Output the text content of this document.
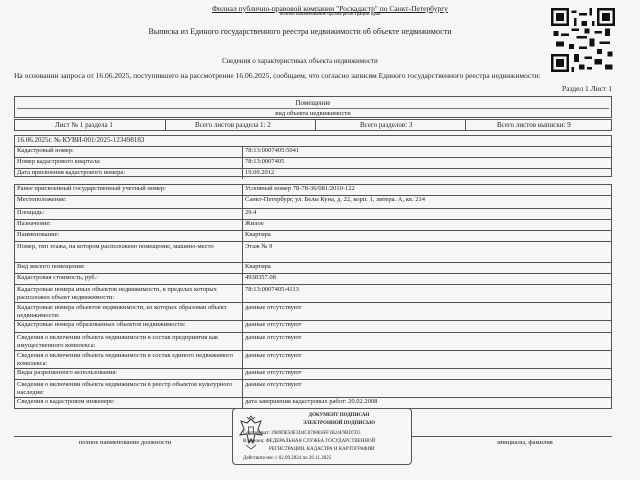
Филиал публично-правовой компании "Роскадастр" по Санкт-Петербургу
полное наименование органа регистрации прав
Выписка из Единого государственного реестра недвижимости об объекте недвижимости
Сведения о характеристиках объекта недвижимости
На основании запроса от 16.06.2025, поступившего на рассмотрение 16.06.2025, сообщаем, что согласно записям Единого государственного реестра недвижимости:
Раздел 1 Лист 1
Помещение
вид объекта недвижимости
Лист № 1 раздела 1	Всего листов раздела 1: 2	Всего разделов: 3	Всего листов выписки: 9
16.06.2025г. № КУВИ-001/2025-123498183
Кадастровый номер:	78:13:0007405:5041
Номер кадастрового квартала:	78:13:0007405
Дата присвоения кадастрового номера:	19.09.2012
Ранее присвоенный государственный учетный номер:	Условный номер 78-78-36/081/2010-122
Местоположение:	Санкт-Петербург, ул. Белы Куна, д. 22, корп. 1, литера. А, кв. 214
Площадь:	29.4
Назначение:	Жилое
Наименование:	Квартира
Номер, тип этажа, на котором расположено помещение, машино-место	Этаж № 9
Вид жилого помещения:	Квартира
Кадастровая стоимость, руб.:	4938357.08
Кадастровые номера иных объектов недвижимости, в пределах которых расположен объект недвижимости:
78:13:0007405:4113
Кадастровые номера объектов недвижимости, из которых образован объект недвижимости:
данные отсутствуют
Кадастровые номера образованных объектов недвижимости:	данные отсутствуют
Сведения о включении объекта недвижимости в состав предприятия как имущественного комплекса:
данные отсутствуют
Сведения о включении объекта недвижимости в состав единого недвижимого комплекса:
данные отсутствуют
Виды разрешенного использования:	данные отсутствуют
Сведения о включении объекта недвижимости в реестр объектов культурного наследия:
данные отсутствуют
Сведения о кадастровом инженере:	дата завершения кадастровых работ: 20.02.2008
полное наименование должности	инициалы, фамилия
ДОКУМЕНТ ПОДПИСАН
ЭЛЕКТРОННОЙ ПОДПИСЬЮ
Сертификат: 3989DE50E3D4C0788E6FF1B24F9BD7D3
Владелец: ФЕДЕРАЛЬНАЯ СЛУЖБА ГОСУДАРСТВЕННОЙ
РЕГИСТРАЦИИ, КАДАСТРА И КАРТОГРАФИИ
Действителен: с 02.09.2024 по 26.11.2025
